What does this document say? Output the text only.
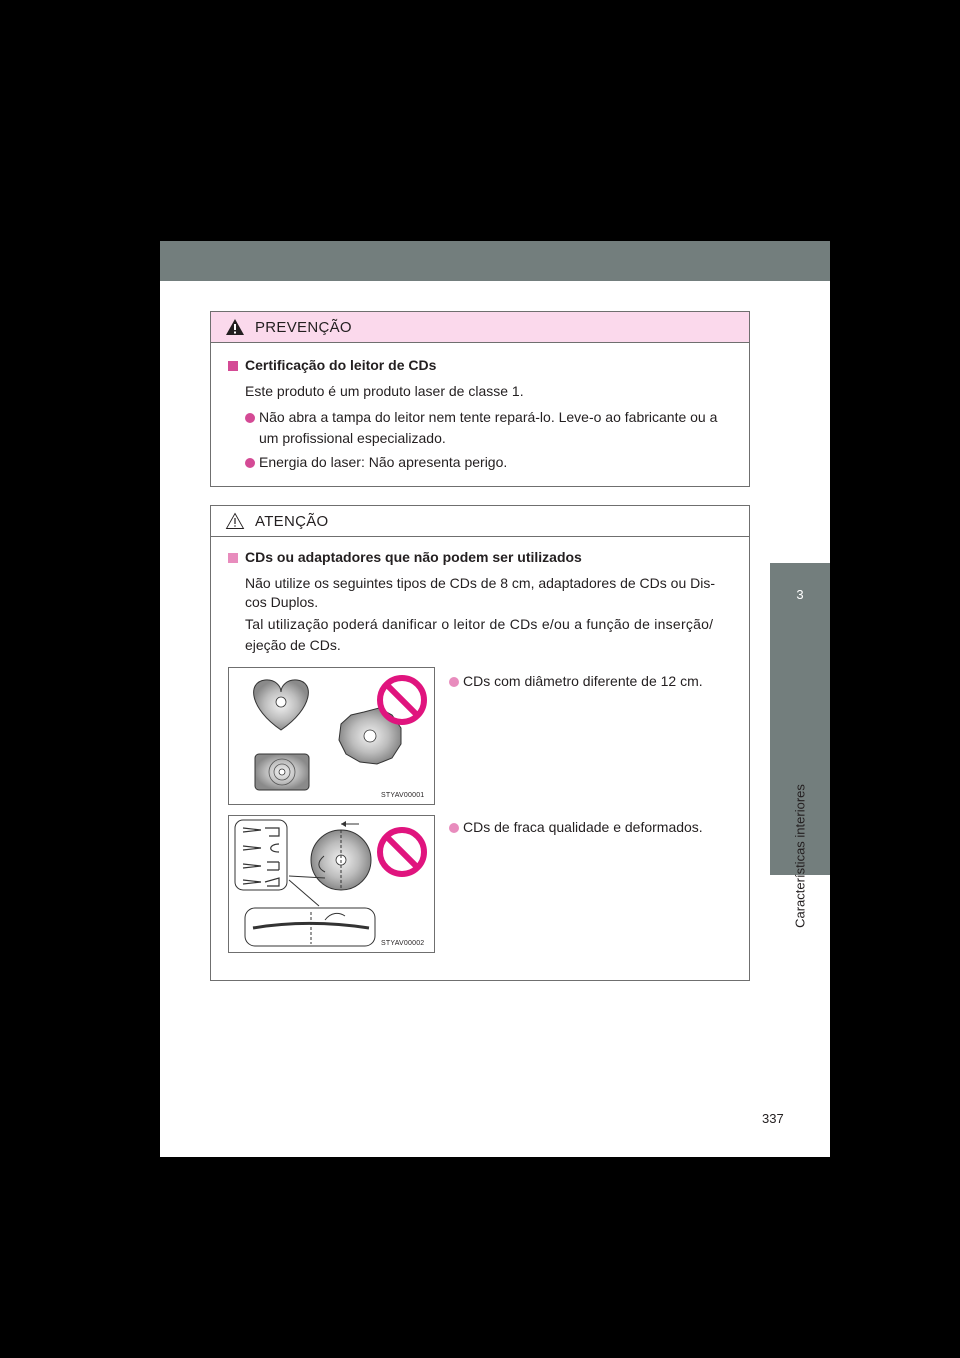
3
Características interiores
PREVENÇÃO
Certificação do leitor de CDs
Este produto é um produto laser de classe 1.
Não abra a tampa do leitor nem tente repará-lo. Leve-o ao fabricante ou a
um profissional especializado.
Energia do laser: Não apresenta perigo.
ATENÇÃO
CDs ou adaptadores que não podem ser utilizados
Não utilize os seguintes tipos de CDs de 8 cm, adaptadores de CDs ou Dis-
cos Duplos.
Tal utilização poderá danificar o leitor de CDs e/ou a função de inserção/
ejeção de CDs.
STYAV00001
CDs com diâmetro diferente de 12 cm.
STYAV00002
CDs de fraca qualidade e deformados.
337
